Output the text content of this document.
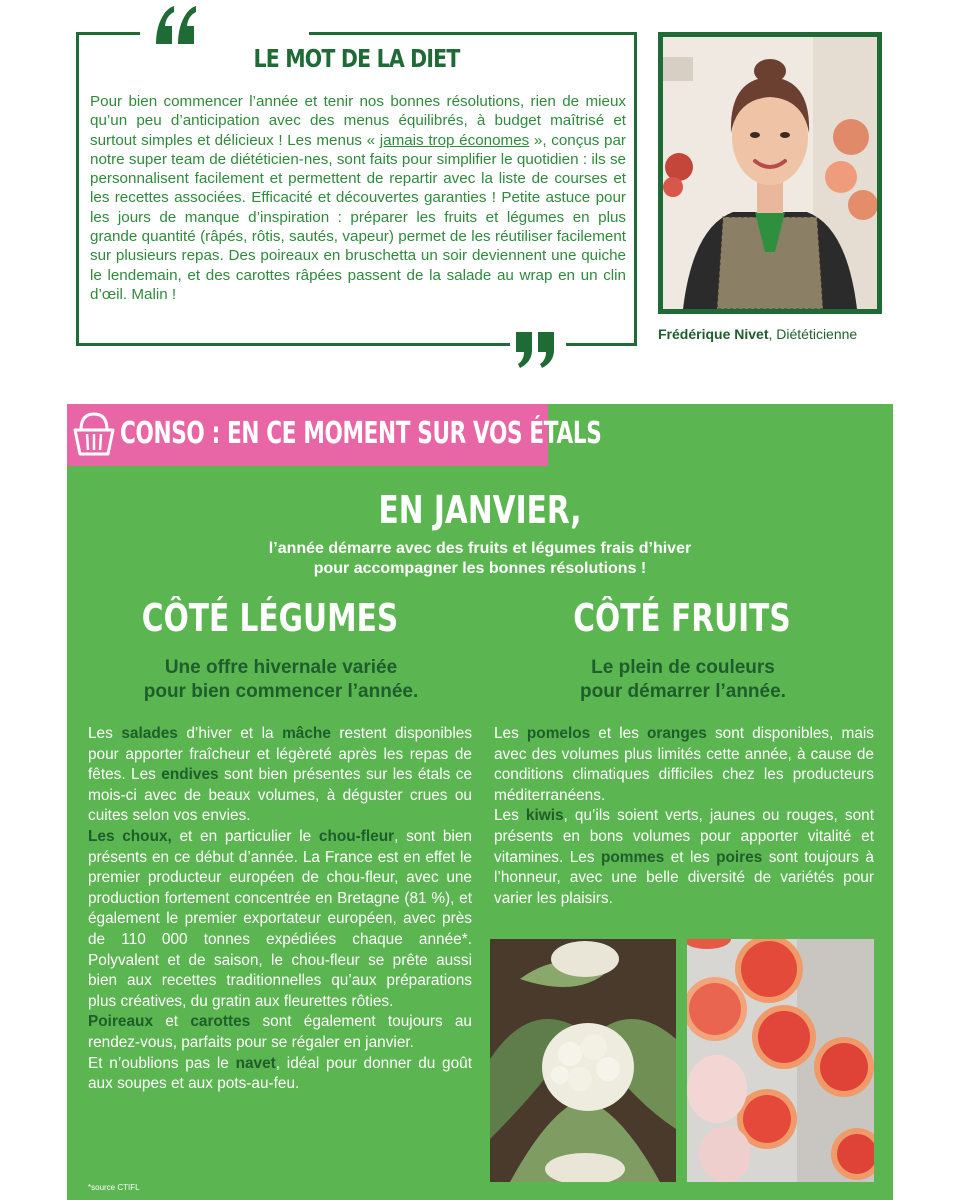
LE MOT DE LA DIET

Pour bien commencer l’année et tenir nos bonnes résolutions, rien de mieux qu’un peu d’anticipation avec des menus équilibrés, à budget maîtrisé et surtout simples et délicieux ! Les menus « jamais trop économes », conçus par notre super team de diététicien-nes, sont faits pour simplifier le quotidien : ils se personnalisent facilement et permettent de repartir avec la liste de courses et les recettes associées. Efficacité et découvertes garanties ! Petite astuce pour les jours de manque d’inspiration : préparer les fruits et légumes en plus grande quantité (râpés, rôtis, sautés, vapeur) permet de les réutiliser facilement sur plusieurs repas. Des poireaux en bruschetta un soir deviennent une quiche le lendemain, et des carottes râpées passent de la salade au wrap en un clin d’œil. Malin !

Frédérique Nivet, Diététicienne
CONSO : EN CE MOMENT SUR VOS ÉTALS
EN JANVIER,
l’année démarre avec des fruits et légumes frais d’hiver
pour accompagner les bonnes résolutions !
CÔTÉ LÉGUMES
Une offre hivernale variée
pour bien commencer l’année.

Les salades d’hiver et la mâche restent disponibles pour apporter fraîcheur et légèreté après les repas de fêtes. Les endives sont bien présentes sur les étals ce mois-ci avec de beaux volumes, à déguster crues ou cuites selon vos envies.

Les choux, et en particulier le chou-fleur, sont bien présents en ce début d’année. La France est en effet le premier producteur européen de chou-fleur, avec une production fortement concentrée en Bretagne (81 %), et également le premier exportateur européen, avec près de 110 000 tonnes expédiées chaque année*. Polyvalent et de saison, le chou-fleur se prête aussi bien aux recettes traditionnelles qu’aux préparations plus créatives, du gratin aux fleurettes rôties.

Poireaux et carottes sont également toujours au rendez-vous, parfaits pour se régaler en janvier.

Et n’oublions pas le navet, idéal pour donner du goût aux soupes et aux pots-au-feu.

CÔTÉ FRUITS
Le plein de couleurs
pour démarrer l’année.

Les pomelos et les oranges sont disponibles, mais avec des volumes plus limités cette année, à cause de conditions climatiques difficiles chez les producteurs méditerranéens.

Les kiwis, qu’ils soient verts, jaunes ou rouges, sont présents en bons volumes pour apporter vitalité et vitamines. Les pommes et les poires sont toujours à l’honneur, avec une belle diversité de variétés pour varier les plaisirs.

*source CTIFL
